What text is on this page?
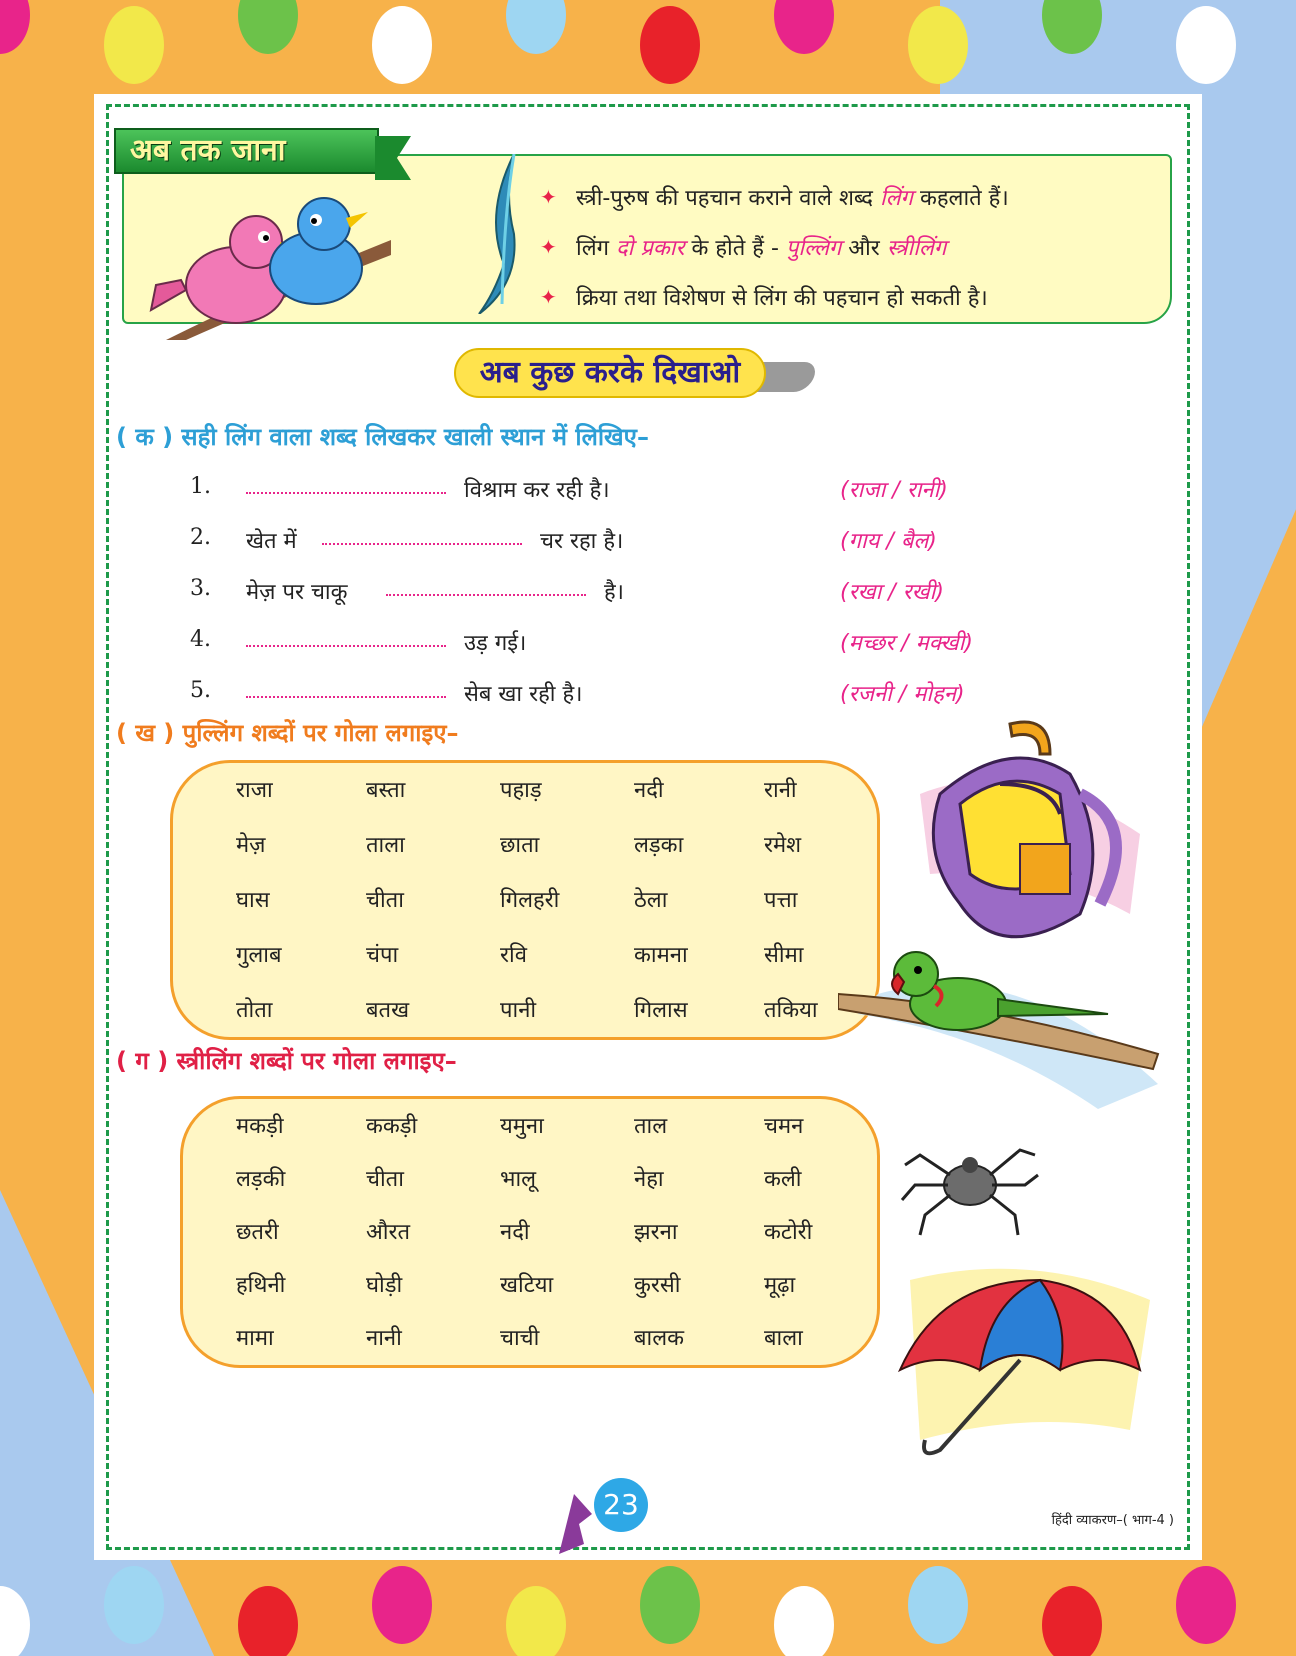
अब तक जाना
✦ स्त्री-पुरुष की पहचान कराने वाले शब्द लिंग कहलाते हैं।
✦ लिंग दो प्रकार के होते हैं - पुल्लिंग और स्त्रीलिंग
✦ क्रिया तथा विशेषण से लिंग की पहचान हो सकती है।
अब कुछ करके दिखाओ
( क ) सही लिंग वाला शब्द लिखकर खाली स्थान में लिखिए–
1.	विश्राम कर रही है।	(राजा / रानी)
2. खेत में	चर रहा है।	(गाय / बैल)
3. मेज़ पर चाकू	है।	(रखा / रखी)
4.	उड़ गई।	(मच्छर / मक्खी)
5.	सेब खा रही है।	(रजनी / मोहन)
( ख ) पुल्लिंग शब्दों पर गोला लगाइए–
राजा	बस्ता	पहाड़	नदी	रानी
मेज़	ताला	छाता	लड़का	रमेश
घास	चीता	गिलहरी	ठेला	पत्ता
गुलाब	चंपा	रवि	कामना	सीमा
तोता	बतख	पानी	गिलास	तकिया
( ग ) स्त्रीलिंग शब्दों पर गोला लगाइए–
मकड़ी	ककड़ी	यमुना	ताल	चमन
लड़की	चीता	भालू	नेहा	कली
छतरी	औरत	नदी	झरना	कटोरी
हथिनी	घोड़ी	खटिया	कुरसी	मूढ़ा
मामा	नानी	चाची	बालक	बाला
23	हिंदी व्याकरण–( भाग-4 )
